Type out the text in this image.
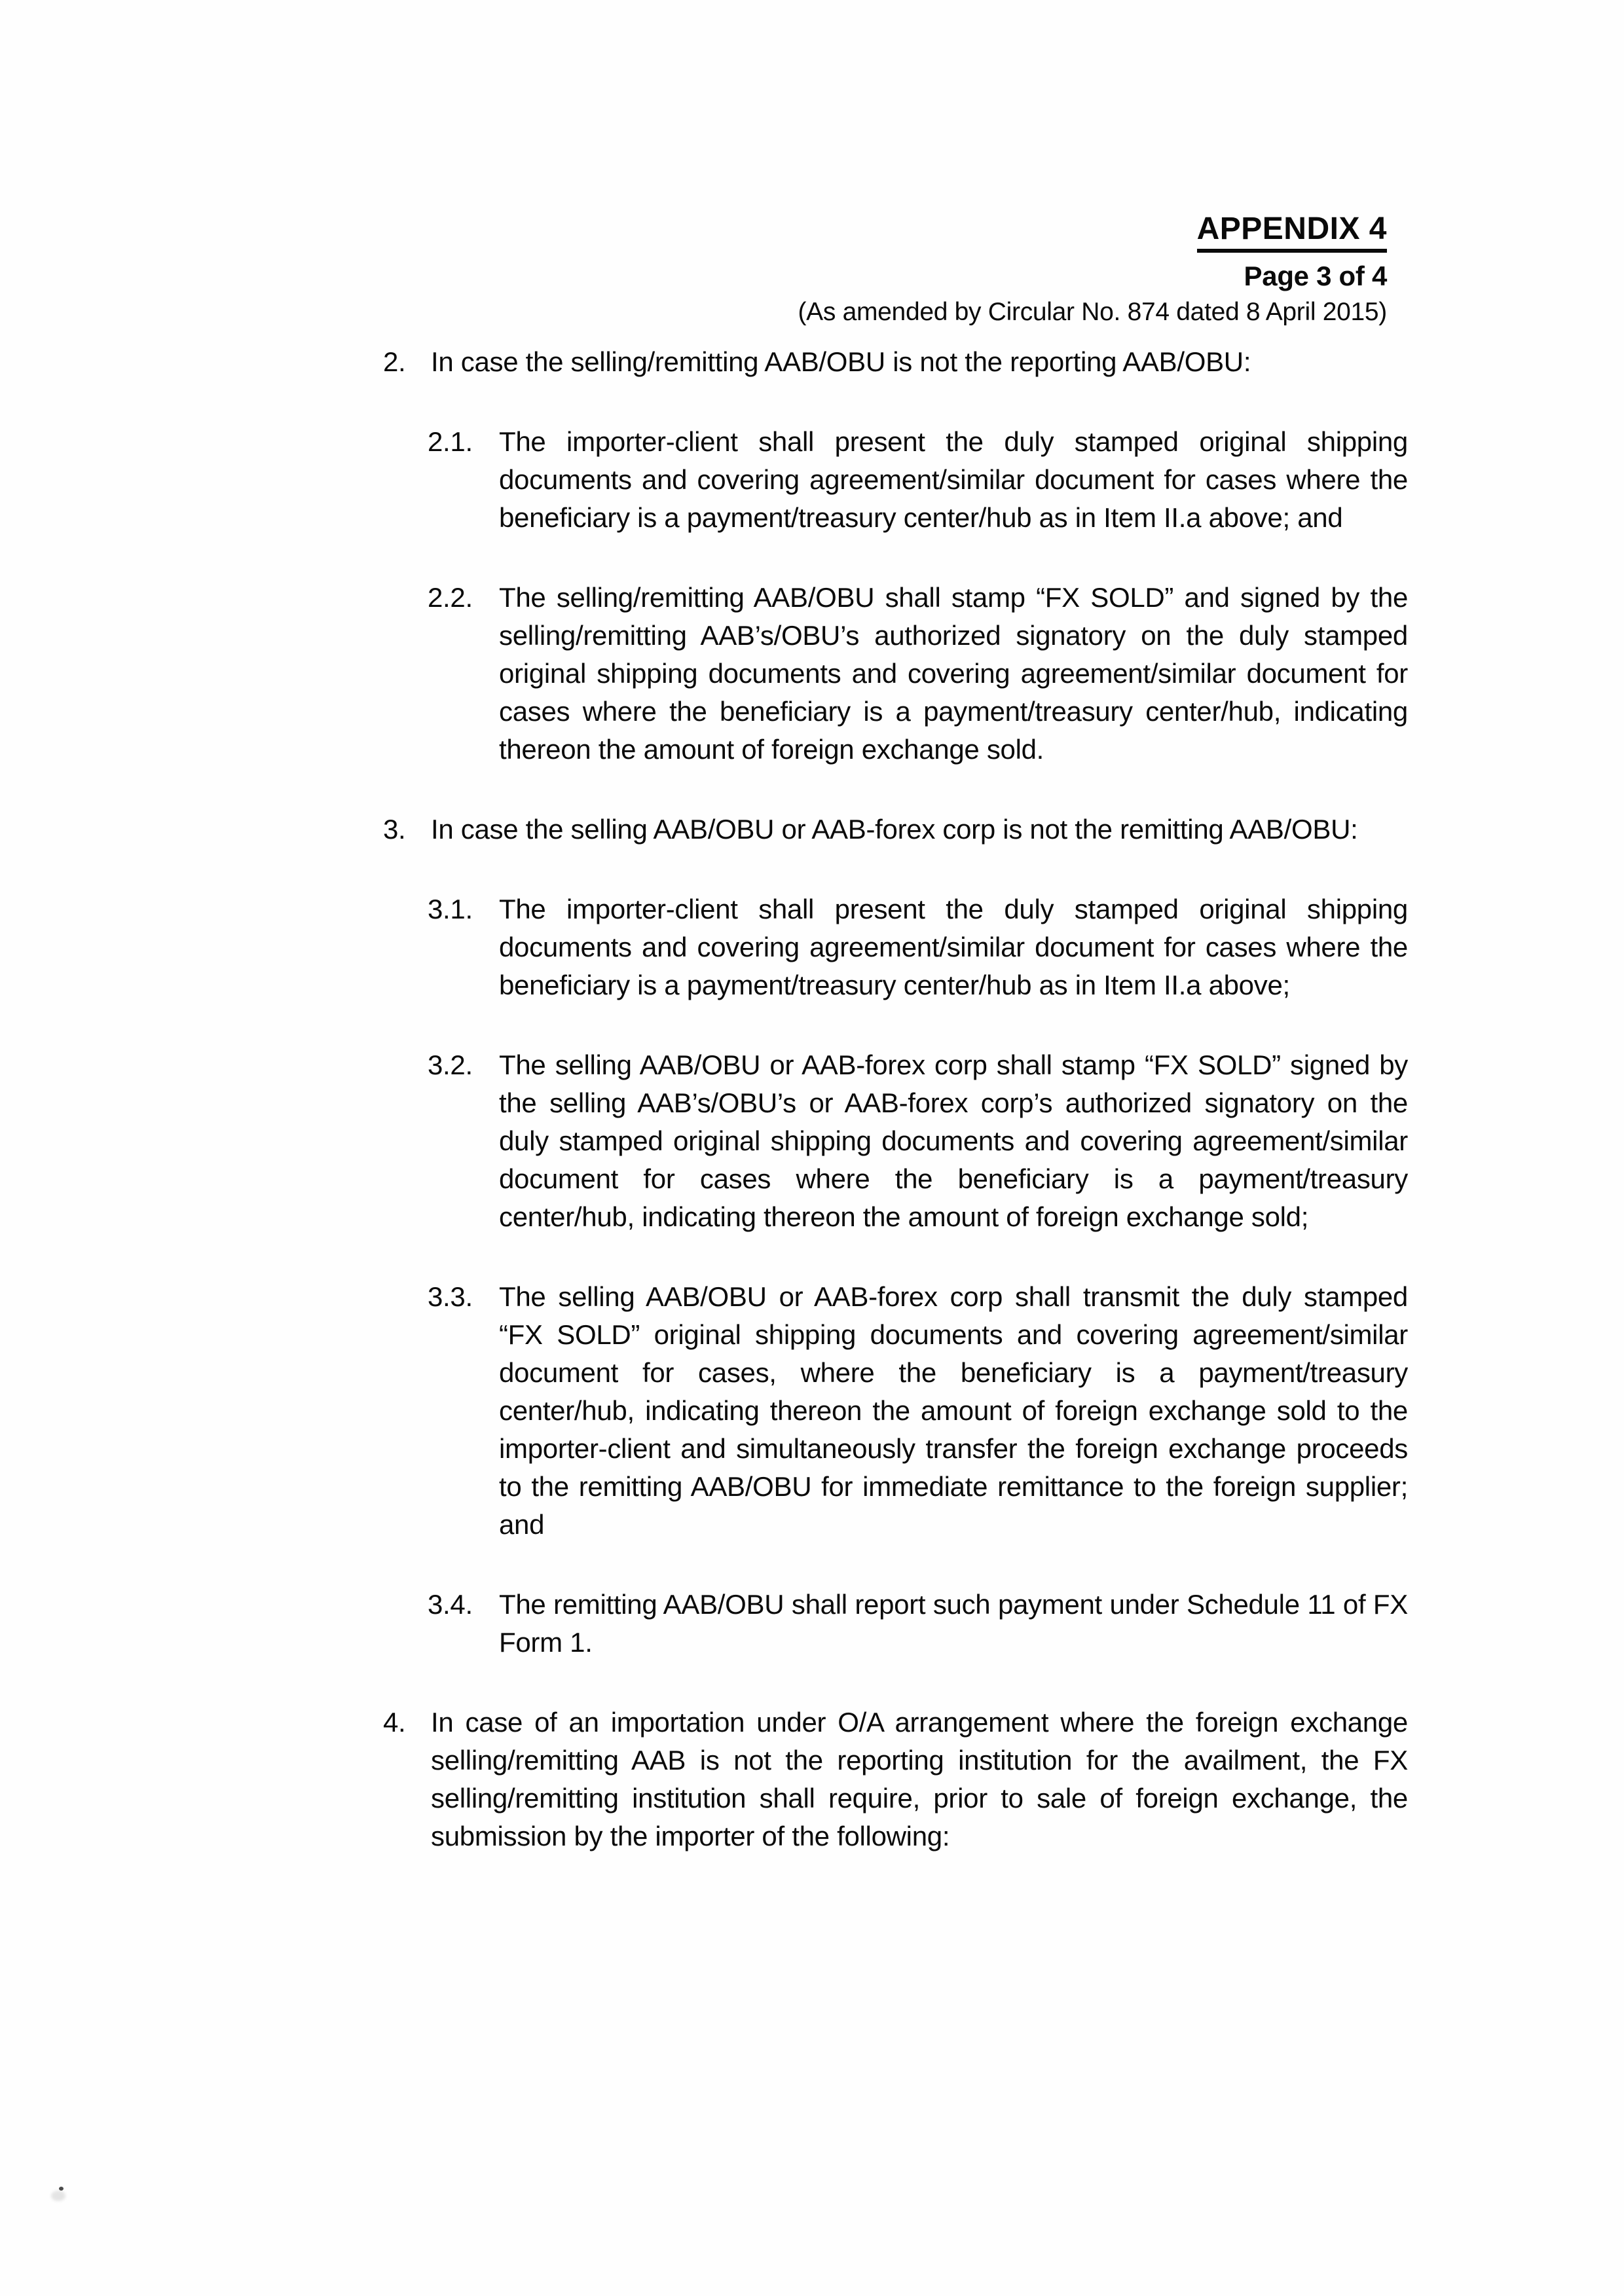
APPENDIX 4
Page 3 of 4
(As amended by Circular No. 874 dated 8 April 2015)
2. In case the selling/remitting AAB/OBU is not the reporting AAB/OBU:
2.1. The importer-client shall present the duly stamped original shipping documents and covering agreement/similar document for cases where the beneficiary is a payment/treasury center/hub as in Item II.a above; and
2.2. The selling/remitting AAB/OBU shall stamp “FX SOLD” and signed by the selling/remitting AAB’s/OBU’s authorized signatory on the duly stamped original shipping documents and covering agreement/similar document for cases where the beneficiary is a payment/treasury center/hub, indicating thereon the amount of foreign exchange sold.
3. In case the selling AAB/OBU or AAB-forex corp is not the remitting AAB/OBU:
3.1. The importer-client shall present the duly stamped original shipping documents and covering agreement/similar document for cases where the beneficiary is a payment/treasury center/hub as in Item II.a above;
3.2. The selling AAB/OBU or AAB-forex corp shall stamp “FX SOLD” signed by the selling AAB’s/OBU’s or AAB-forex corp’s authorized signatory on the duly stamped original shipping documents and covering agreement/similar document for cases where the beneficiary is a payment/treasury center/hub, indicating thereon the amount of foreign exchange sold;
3.3. The selling AAB/OBU or AAB-forex corp shall transmit the duly stamped “FX SOLD” original shipping documents and covering agreement/similar document for cases, where the beneficiary is a payment/treasury center/hub, indicating thereon the amount of foreign exchange sold to the importer-client and simultaneously transfer the foreign exchange proceeds to the remitting AAB/OBU for immediate remittance to the foreign supplier; and
3.4. The remitting AAB/OBU shall report such payment under Schedule 11 of FX Form 1.
4. In case of an importation under O/A arrangement where the foreign exchange selling/remitting AAB is not the reporting institution for the availment, the FX selling/remitting institution shall require, prior to sale of foreign exchange, the submission by the importer of the following:
